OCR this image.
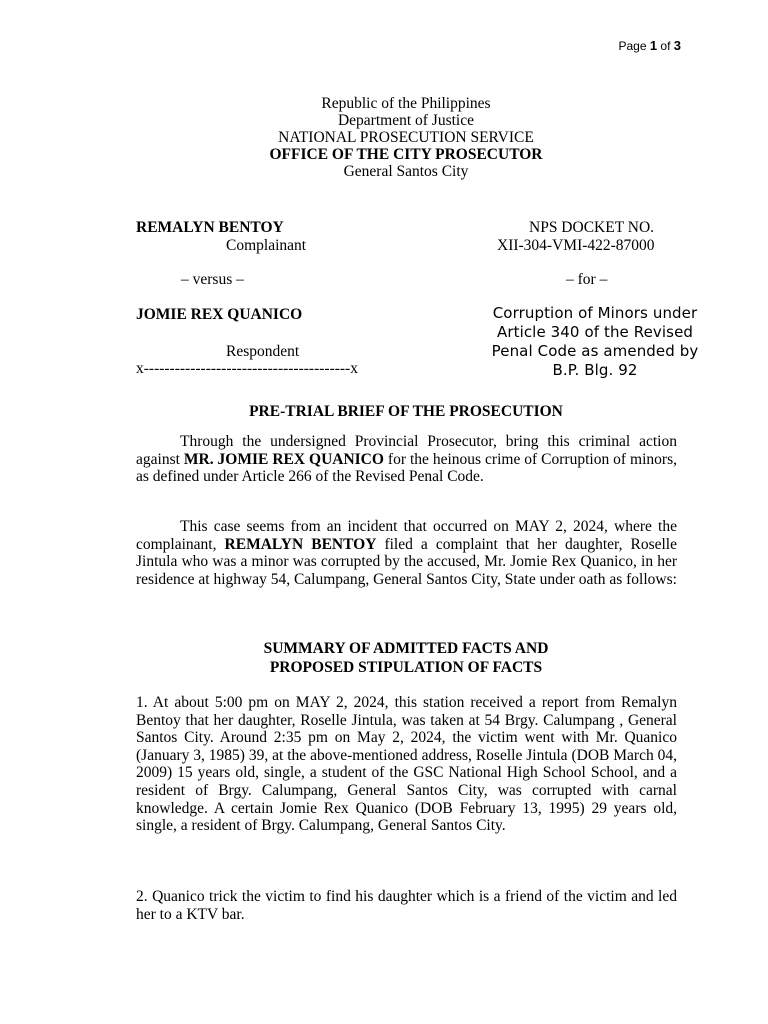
Page 1 of 3
Republic of the Philippines
Department of Justice
NATIONAL PROSECUTION SERVICE
OFFICE OF THE CITY PROSECUTOR
General Santos City
REMALYN BENTOY
Complainant
– versus –
JOMIE REX QUANICO
Respondent
x----------------------------------------x
NPS DOCKET NO.
XII-304-VMI-422-87000
– for –
Corruption of Minors under
Article 340 of the Revised
Penal Code as amended by
B.P. Blg. 92
PRE-TRIAL BRIEF OF THE PROSECUTION
Through the undersigned Provincial Prosecutor, bring this criminal action against MR. JOMIE REX QUANICO for the heinous crime of Corruption of minors, as defined under Article 266 of the Revised Penal Code.
This case seems from an incident that occurred on MAY 2, 2024, where the complainant, REMALYN BENTOY filed a complaint that her daughter, Roselle Jintula who was a minor was corrupted by the accused, Mr. Jomie Rex Quanico, in her residence at highway 54, Calumpang, General Santos City, State under oath as follows:
SUMMARY OF ADMITTED FACTS AND
PROPOSED STIPULATION OF FACTS
1. At about 5:00 pm on MAY 2, 2024, this station received a report from Remalyn Bentoy that her daughter, Roselle Jintula, was taken at 54 Brgy. Calumpang , General Santos City. Around 2:35 pm on May 2, 2024, the victim went with Mr. Quanico (January 3, 1985) 39, at the above-mentioned address, Roselle Jintula (DOB March 04, 2009) 15 years old, single, a student of the GSC National High School School, and a resident of Brgy. Calumpang, General Santos City, was corrupted with carnal knowledge. A certain Jomie Rex Quanico (DOB February 13, 1995) 29 years old, single, a resident of Brgy. Calumpang, General Santos City.
2. Quanico trick the victim to find his daughter which is a friend of the victim and led her to a KTV bar.
